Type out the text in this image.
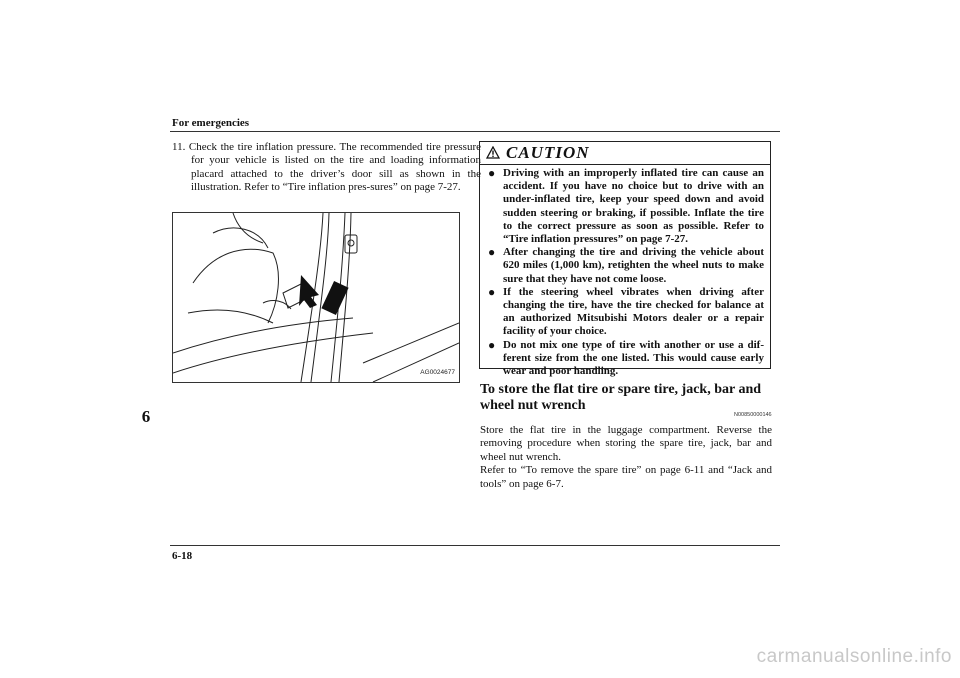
For emergencies
6
11. Check the tire inflation pressure. The recommended tire pressure for your vehicle is listed on the tire and loading information placard attached to the driver’s door sill as shown in the illustration. Refer to “Tire inflation pres-sures” on page 7-27.
AG0024677
CAUTION
● Driving with an improperly inflated tire can cause an accident. If you have no choice but to drive with an under-inflated tire, keep your speed down and avoid sudden steering or braking, if possible. Inflate the tire to the correct pressure as soon as possible. Refer to “Tire inflation pressures” on page 7-27.
● After changing the tire and driving the vehicle about 620 miles (1,000 km), retighten the wheel nuts to make sure that they have not come loose.
● If the steering wheel vibrates when driving after changing the tire, have the tire checked for balance at an authorized Mitsubishi Motors dealer or a repair facility of your choice.
● Do not mix one type of tire with another or use a dif-ferent size from the one listed. This would cause early wear and poor handling.
To store the flat tire or spare tire, jack, bar and wheel nut wrench
N00850000146

Store the flat tire in the luggage compartment. Reverse the removing procedure when storing the spare tire, jack, bar and wheel nut wrench.

Refer to “To remove the spare tire” on page 6-11 and “Jack and tools” on page 6-7.

6-18
carmanualsonline.info
